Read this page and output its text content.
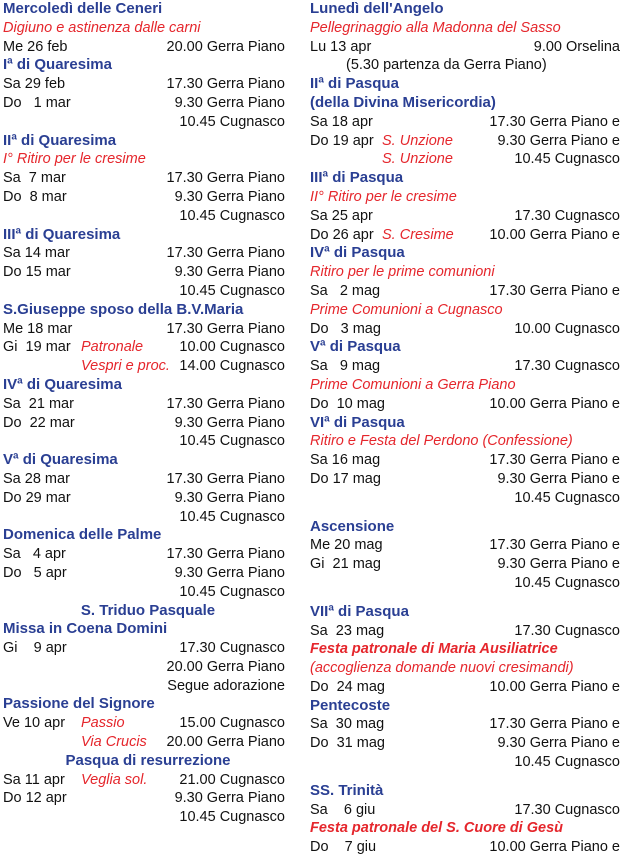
Mercoledì delle Ceneri
Digiuno e astinenza dalle carni
Me 26 feb	20.00 Gerra Piano
Iª di Quaresima
Sa 29 feb	17.30 Gerra Piano
Do   1 mar	9.30 Gerra Piano
10.45 Cugnasco
IIª di Quaresima
I° Ritiro per le cresime
Sa  7 mar	17.30 Gerra Piano
Do  8 mar	9.30 Gerra Piano
10.45 Cugnasco
IIIª di Quaresima
Sa 14 mar	17.30 Gerra Piano
Do 15 mar	9.30 Gerra Piano
10.45 Cugnasco
S.Giuseppe sposo della B.V.Maria
Me 18 mar	17.30 Gerra Piano
Gi  19 mar Patronale	10.00 Cugnasco
Vespri e proc. 14.00 Cugnasco
IVª di Quaresima
Sa  21 mar	17.30 Gerra Piano
Do  22 mar	9.30 Gerra Piano
10.45 Cugnasco
Vª di Quaresima
Sa 28 mar	17.30 Gerra Piano
Do 29 mar	9.30 Gerra Piano
10.45 Cugnasco
Domenica delle Palme
Sa   4 apr	17.30 Gerra Piano
Do   5 apr	9.30 Gerra Piano
10.45 Cugnasco
S. Triduo Pasquale
Missa in Coena Domini
Gi    9 apr	17.30 Cugnasco
20.00 Gerra Piano
Segue adorazione
Passione del Signore
Ve 10 apr Passio	15.00 Cugnasco
Via Crucis 20.00 Gerra Piano
Pasqua di resurrezione
Sa 11 apr Veglia sol. 21.00 Cugnasco
Do 12 apr	9.30 Gerra Piano
10.45 Cugnasco
Lunedì dell'Angelo
Pellegrinaggio alla Madonna del Sasso
Lu 13 apr	9.00 Orselina
(5.30 partenza da Gerra Piano)
IIª di Pasqua
(della Divina Misericordia)
Sa 18 apr	17.30 Gerra Piano e
Do 19 apr S. Unzione	9.30 Gerra Piano e
S. Unzione	10.45 Cugnasco
IIIª di Pasqua
II° Ritiro per le cresime
Sa 25 apr	17.30 Cugnasco
Do 26 apr S. Cresime 10.00 Gerra Piano e
IVª di Pasqua
Ritiro per le prime comunioni
Sa   2 mag	17.30 Gerra Piano e
Prime Comunioni a Cugnasco
Do   3 mag	10.00 Cugnasco
Vª di Pasqua
Sa   9 mag	17.30 Cugnasco
Prime Comunioni a Gerra Piano
Do  10 mag	10.00 Gerra Piano e
VIª di Pasqua
Ritiro e Festa del Perdono (Confessione)
Sa 16 mag	17.30 Gerra Piano e
Do 17 mag	9.30 Gerra Piano e
10.45 Cugnasco
Ascensione
Me 20 mag	17.30 Gerra Piano e
Gi  21 mag	9.30 Gerra Piano e
10.45 Cugnasco
VIIª di Pasqua
Sa  23 mag	17.30 Cugnasco
Festa patronale di Maria Ausiliatrice
(accoglienza domande nuovi cresimandi)
Do  24 mag	10.00 Gerra Piano e
Pentecoste
Sa  30 mag	17.30 Gerra Piano e
Do  31 mag	9.30 Gerra Piano e
10.45 Cugnasco
SS. Trinità
Sa    6 giu	17.30 Cugnasco
Festa patronale del S. Cuore di Gesù
Do    7 giu	10.00 Gerra Piano e
